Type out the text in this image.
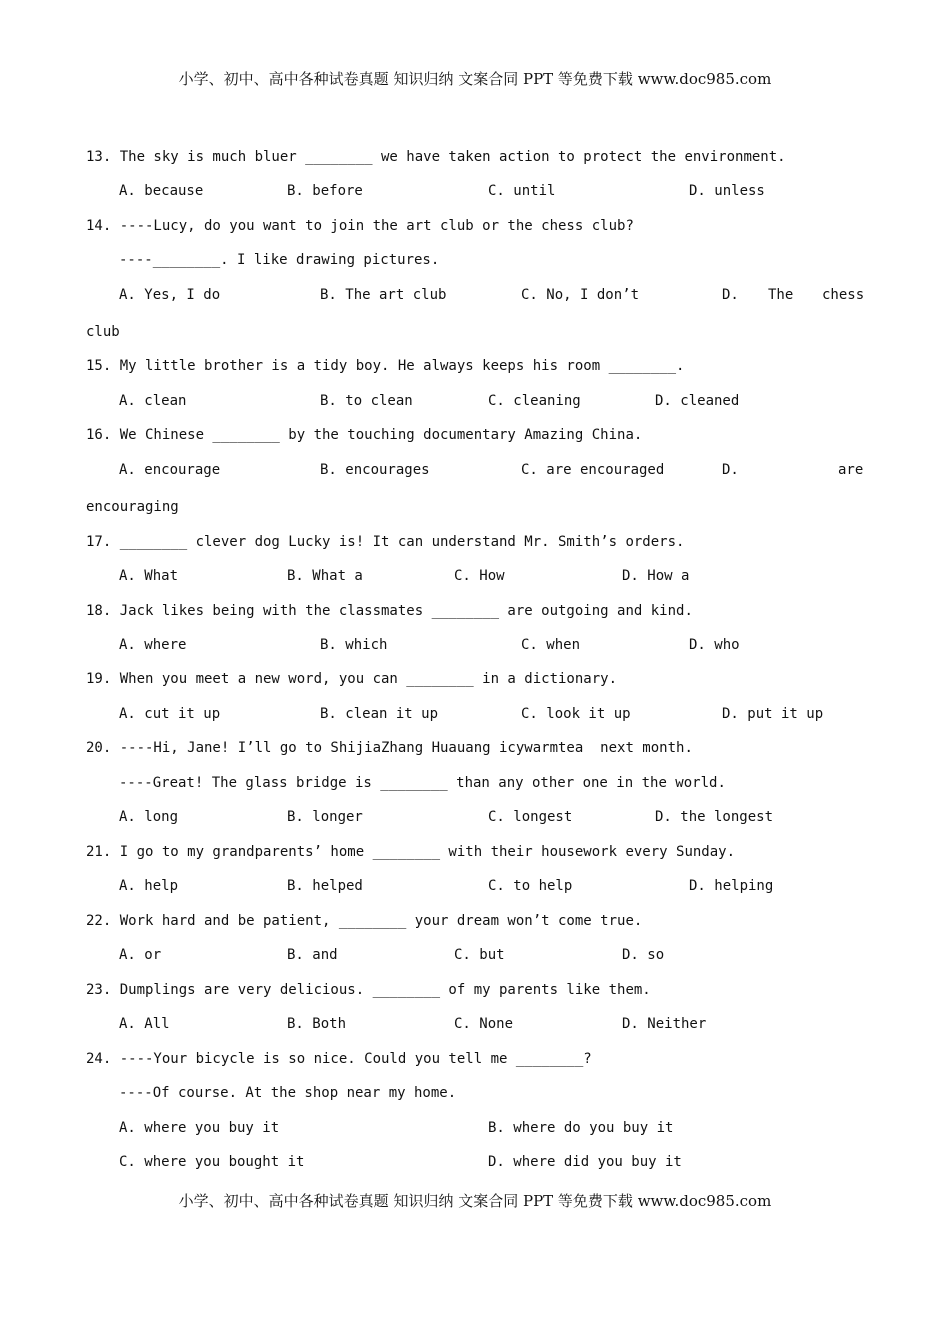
小学、初中、高中各种试卷真题 知识归纳 文案合同 PPT 等免费下载 www.doc985.com
13. The sky is much bluer ________ we have taken action to protect the environment.
A. because	B. before	C. until	D. unless
14. ----Lucy, do you want to join the art club or the chess club?
----________. I like drawing pictures.
A. Yes, I do	B. The art club	C. No, I don’t	D. The chess
club
15. My little brother is a tidy boy. He always keeps his room ________.
A. clean	B. to clean	C. cleaning	D. cleaned
16. We Chinese ________ by the touching documentary Amazing China.
A. encourage	B. encourages	C. are encouraged	D.	are
encouraging
17. ________ clever dog Lucky is! It can understand Mr. Smith’s orders.
A. What	B. What a	C. How	D. How a
18. Jack likes being with the classmates ________ are outgoing and kind.
A. where	B. which	C. when	D. who
19. When you meet a new word, you can ________ in a dictionary.
A. cut it up	B. clean it up	C. look it up	D. put it up
20. ----Hi, Jane! I’ll go to ShijiaZhang Huauang icywarmtea  next month.
----Great! The glass bridge is ________ than any other one in the world.
A. long	B. longer	C. longest	D. the longest
21. I go to my grandparents’ home ________ with their housework every Sunday.
A. help	B. helped	C. to help	D. helping
22. Work hard and be patient, ________ your dream won’t come true.
A. or	B. and	C. but	D. so
23. Dumplings are very delicious. ________ of my parents like them.
A. All	B. Both	C. None	D. Neither
24. ----Your bicycle is so nice. Could you tell me ________?
----Of course. At the shop near my home.
A. where you buy it	B. where do you buy it
C. where you bought it	D. where did you buy it
小学、初中、高中各种试卷真题 知识归纳 文案合同 PPT 等免费下载 www.doc985.com
